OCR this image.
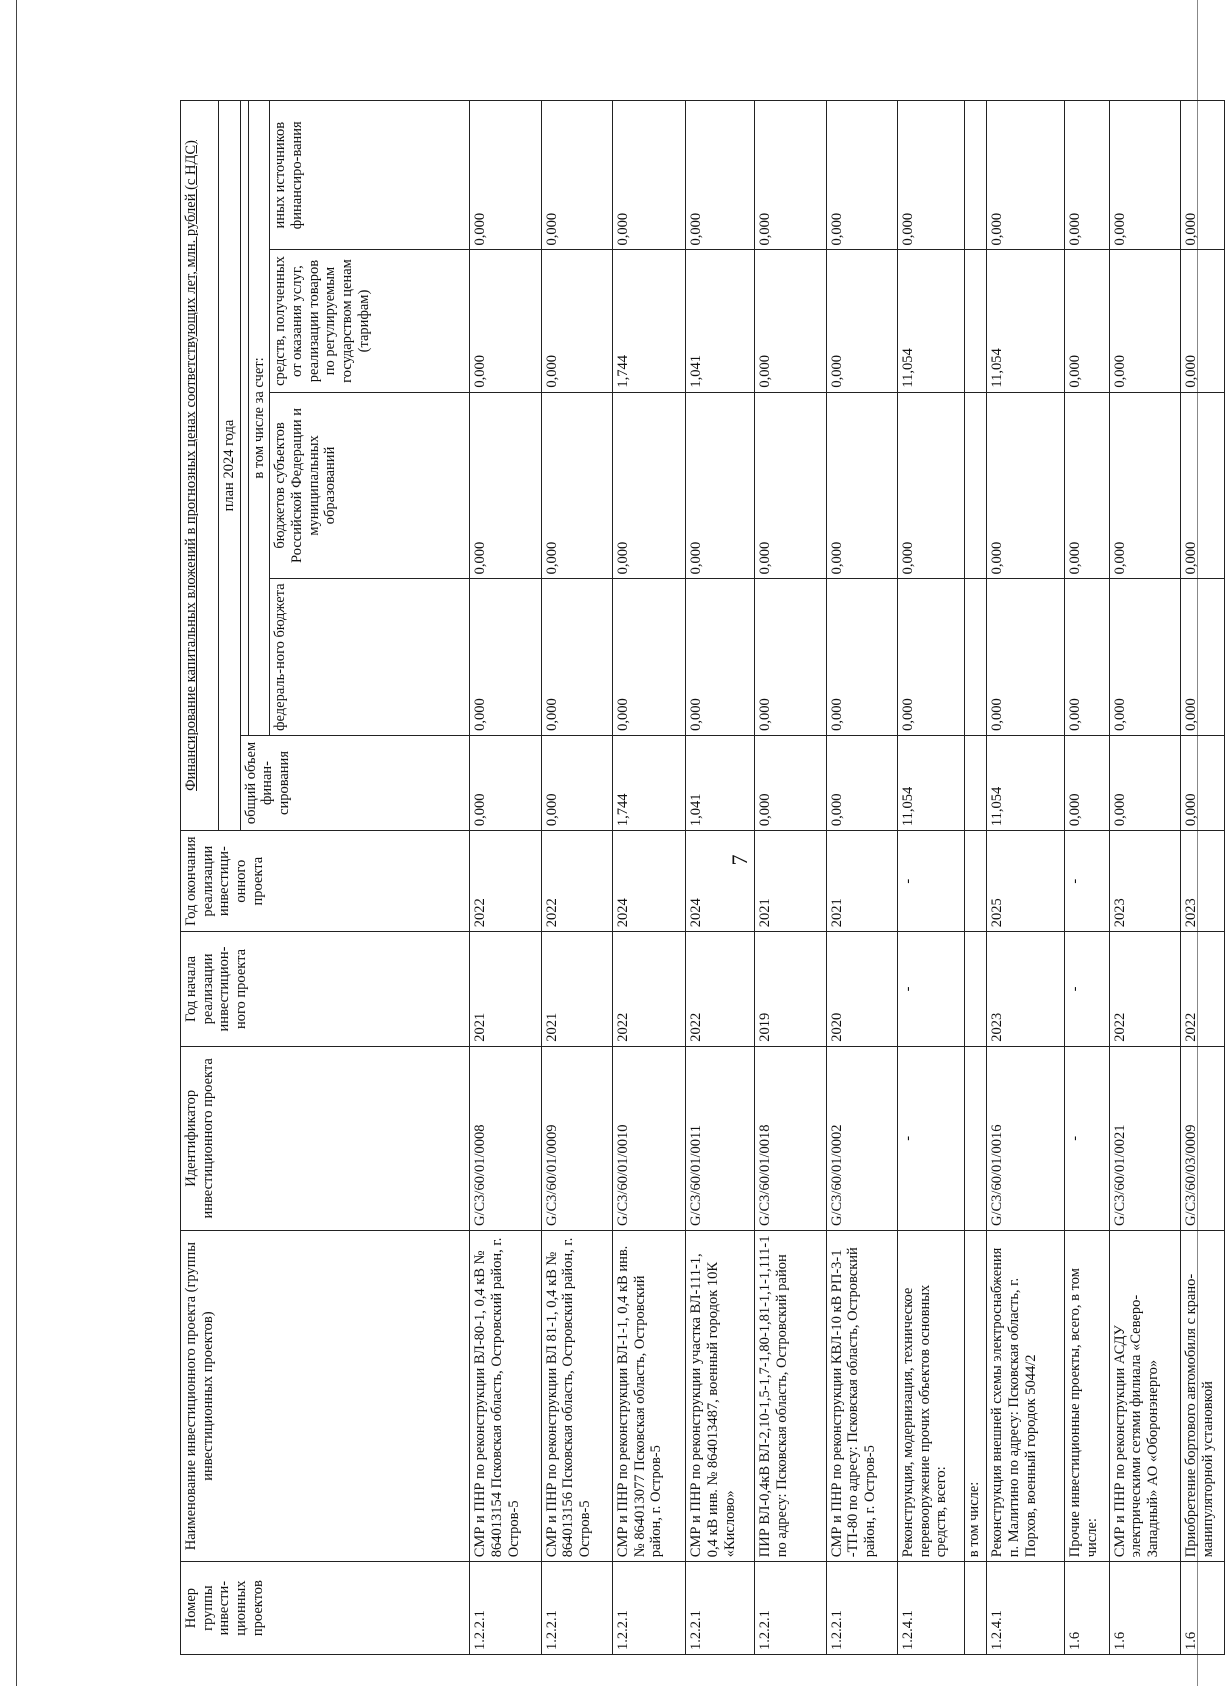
7
Номер группы инвести-ционных проектов	Наименование инвестиционного проекта (группы инвестиционных проектов)	Идентификатор инвестиционного проекта	Год начала реализации инвестицион-ного проекта	Год окончания реализации инвестици-онного проекта	Финансирование капитальных вложений в прогнозных ценах соответствующих лет, млн. рублей (с НДС)				
					план 2024 года				
					общий объем финан-сирования				
						в том числе за счет:			
						федераль-ного бюджета	бюджетов субъектов Российской Федерации и муниципальных образований	средств, полученных от оказания услуг, реализации товаров по регулируемым государством ценам (тарифам)	иных источников финансиро-вания
1.2.2.1	СМР и ПНР по реконструкции ВЛ-80-1, 0,4 кВ № 864013154 Псковская область, Островский район, г. Остров-5	G/C3/60/01/0008	2021	2022	0,000	0,000	0,000	0,000	0,000
1.2.2.1	СМР и ПНР по реконструкции ВЛ 81-1, 0,4 кВ № 864013156 Псковская область, Островский район, г. Остров-5	G/C3/60/01/0009	2021	2022	0,000	0,000	0,000	0,000	0,000
1.2.2.1	СМР и ПНР по реконструкции ВЛ-1-1, 0,4 кВ инв. № 864013077 Псковская область, Островский район, г. Остров-5	G/C3/60/01/0010	2022	2024	1,744	0,000	0,000	1,744	0,000
1.2.2.1	СМР и ПНР по реконструкции участка ВЛ-111-1, 0,4 кВ инв. № 864013487, военный городок 10К «Кислово»	G/C3/60/01/0011	2022	2024	1,041	0,000	0,000	1,041	0,000
1.2.2.1	ПИР ВЛ-0,4кВ ВЛ-2,10-1,5-1,7-1,80-1,81-1,1-1,111-1 по адресу: Псковская область, Островский район	G/C3/60/01/0018	2019	2021	0,000	0,000	0,000	0,000	0,000
1.2.2.1	СМР и ПНР по реконструкции КВЛ-10 кВ РП-3-1 -ТП-80 по адресу: Псковская область, Островский район, г. Остров-5	G/C3/60/01/0002	2020	2021	0,000	0,000	0,000	0,000	0,000
1.2.4.1	Реконструкция, модернизация, техническое перевооружение прочих объектов основных средств, всего:	-	-	-	11,054	0,000	0,000	11,054	0,000
	в том числе:								
1.2.4.1	Реконструкция внешней схемы электроснабжения п. Малитино по адресу: Псковская область, г. Порхов, военный городок 5044/2	G/C3/60/01/0016	2023	2025	11,054	0,000	0,000	11,054	0,000
1.6	Прочие инвестиционные проекты, всего, в том числе:	-	-	-	0,000	0,000	0,000	0,000	0,000
1.6	СМР и ПНР по реконструкции АСДУ электрическими сетями филиала «Северо-Западный» АО «Оборонэнерго»	G/C3/60/01/0021	2022	2023	0,000	0,000	0,000	0,000	0,000
1.6	Приобретение бортового автомобиля с крано-манипуляторной установкой	G/C3/60/03/0009	2022	2023	0,000	0,000	0,000	0,000	0,000
